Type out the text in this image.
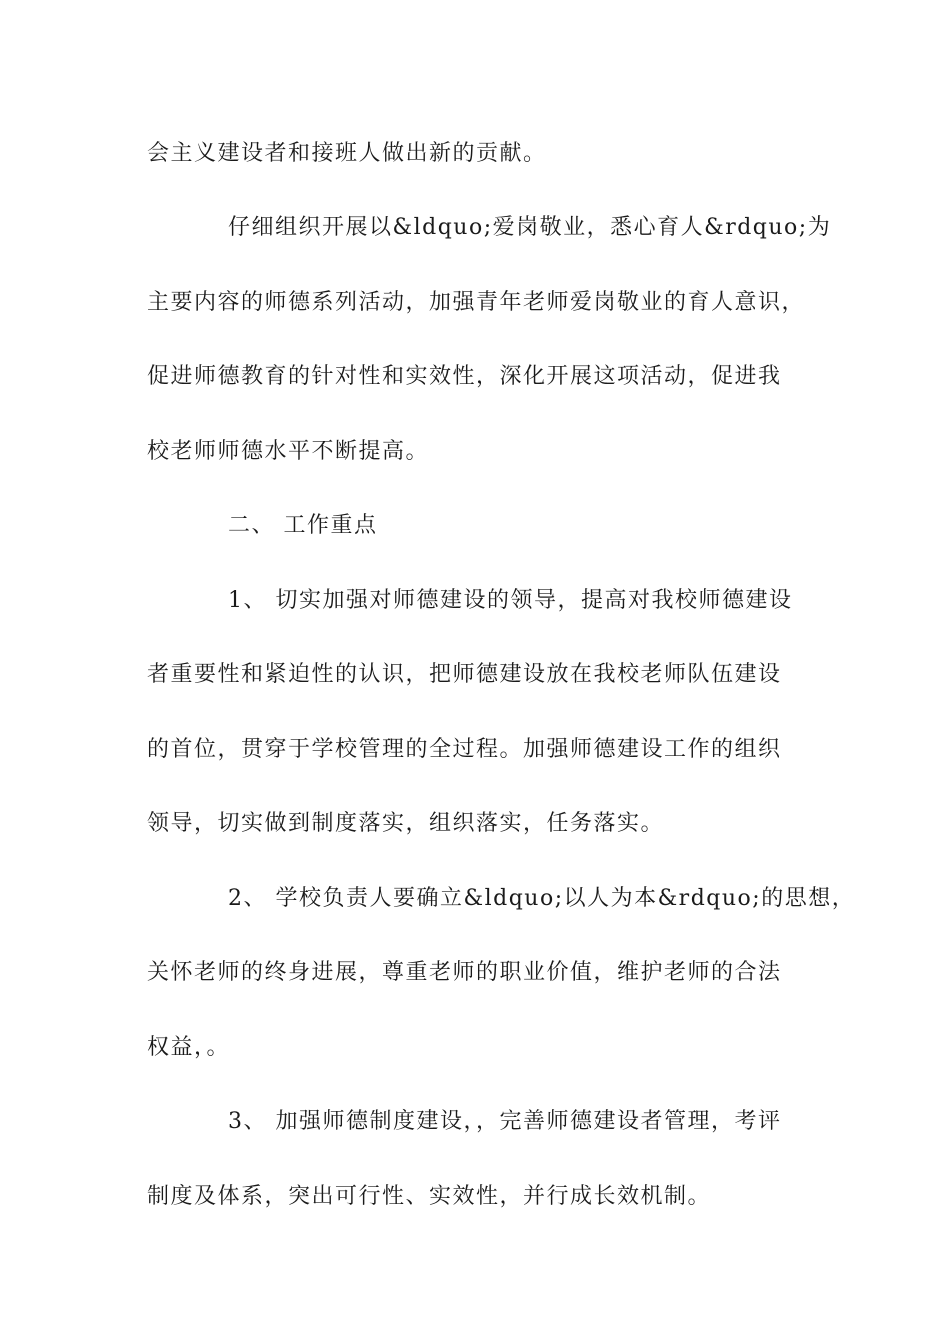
会主义建设者和接班人做出新的贡献。
仔细组织开展以&ldquo;爱岗敬业，悉心育人&rdquo;为
主要内容的师德系列活动，加强青年老师爱岗敬业的育人意识，
促进师德教育的针对性和实效性，深化开展这项活动，促进我
校老师师德水平不断提高。
二、 工作重点
1、 切实加强对师德建设的领导，提高对我校师德建设
者重要性和紧迫性的认识，把师德建设放在我校老师队伍建设
的首位，贯穿于学校管理的全过程。加强师德建设工作的组织
领导，切实做到制度落实，组织落实，任务落实。
2、 学校负责人要确立&ldquo;以人为本&rdquo;的思想，
关怀老师的终身进展，尊重老师的职业价值，维护老师的合法
权益，。
3、 加强师德制度建设，，完善师德建设者管理，考评
制度及体系，突出可行性、实效性，并行成长效机制。
